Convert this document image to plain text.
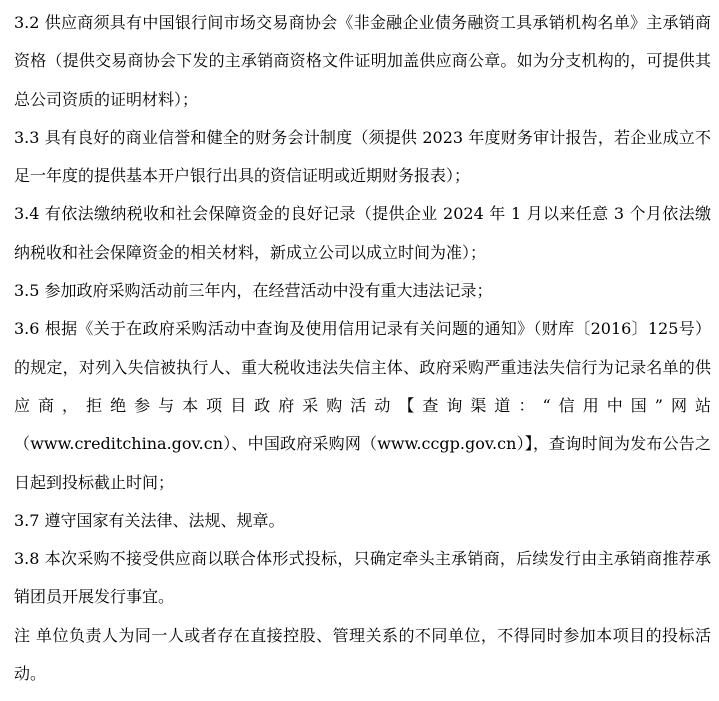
3.2 供应商须具有中国银行间市场交易商协会《非金融企业债务融资工具承销机构名单》主承销商资格（提供交易商协会下发的主承销商资格文件证明加盖供应商公章。如为分支机构的，可提供其总公司资质的证明材料）；

3.3 具有良好的商业信誉和健全的财务会计制度（须提供 2023 年度财务审计报告，若企业成立不足一年度的提供基本开户银行出具的资信证明或近期财务报表）；

3.4 有依法缴纳税收和社会保障资金的良好记录（提供企业 2024 年 1 月以来任意 3 个月依法缴纳税收和社会保障资金的相关材料，新成立公司以成立时间为准）；

3.5 参加政府采购活动前三年内，在经营活动中没有重大违法记录；

3.6 根据《关于在政府采购活动中查询及使用信用记录有关问题的通知》（财库〔2016〕125号）的规定，对列入失信被执行人、重大税收违法失信主体、政府采购严重违法失信行为记录名单的供应商，拒绝参与本项目政府采购活动【查询渠道：“信用中国”网站（www.creditchina.gov.cn）、中国政府采购网（www.ccgp.gov.cn）】，查询时间为发布公告之日起到投标截止时间；

3.7 遵守国家有关法律、法规、规章。

3.8 本次采购不接受供应商以联合体形式投标，只确定牵头主承销商，后续发行由主承销商推荐承销团员开展发行事宜。

注 单位负责人为同一人或者存在直接控股、管理关系的不同单位，不得同时参加本项目的投标活动。
